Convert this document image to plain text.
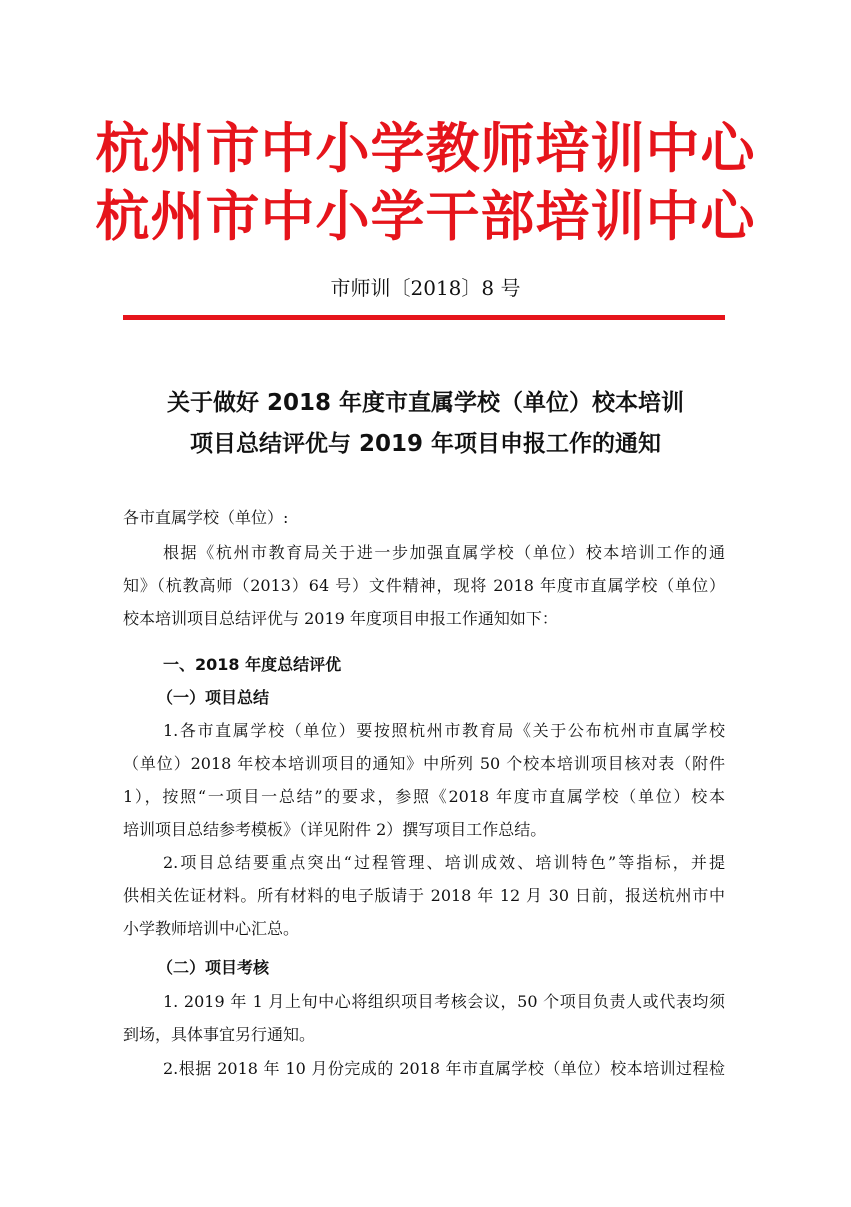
杭州市中小学教师培训中心
杭州市中小学干部培训中心
市师训〔2018〕8 号
关于做好 2018 年度市直属学校（单位）校本培训
项目总结评优与 2019 年项目申报工作的通知
各市直属学校（单位）:
根据《杭州市教育局关于进一步加强直属学校（单位）校本培训工作的通
知》（杭教高师（2013）64 号）文件精神，现将 2018 年度市直属学校（单位）
校本培训项目总结评优与 2019 年度项目申报工作通知如下：
一、2018 年度总结评优
（一）项目总结
1.各市直属学校（单位）要按照杭州市教育局《关于公布杭州市直属学校
（单位）2018 年校本培训项目的通知》中所列 50 个校本培训项目核对表（附件
1），按照“一项目一总结”的要求，参照《2018 年度市直属学校（单位）校本
培训项目总结参考模板》（详见附件 2）撰写项目工作总结。
2.项目总结要重点突出“过程管理、培训成效、培训特色”等指标，并提
供相关佐证材料。所有材料的电子版请于 2018 年 12 月 30 日前，报送杭州市中
小学教师培训中心汇总。
（二）项目考核
1. 2019 年 1 月上旬中心将组织项目考核会议，50 个项目负责人或代表均须
到场，具体事宜另行通知。
2.根据 2018 年 10 月份完成的 2018 年市直属学校（单位）校本培训过程检
